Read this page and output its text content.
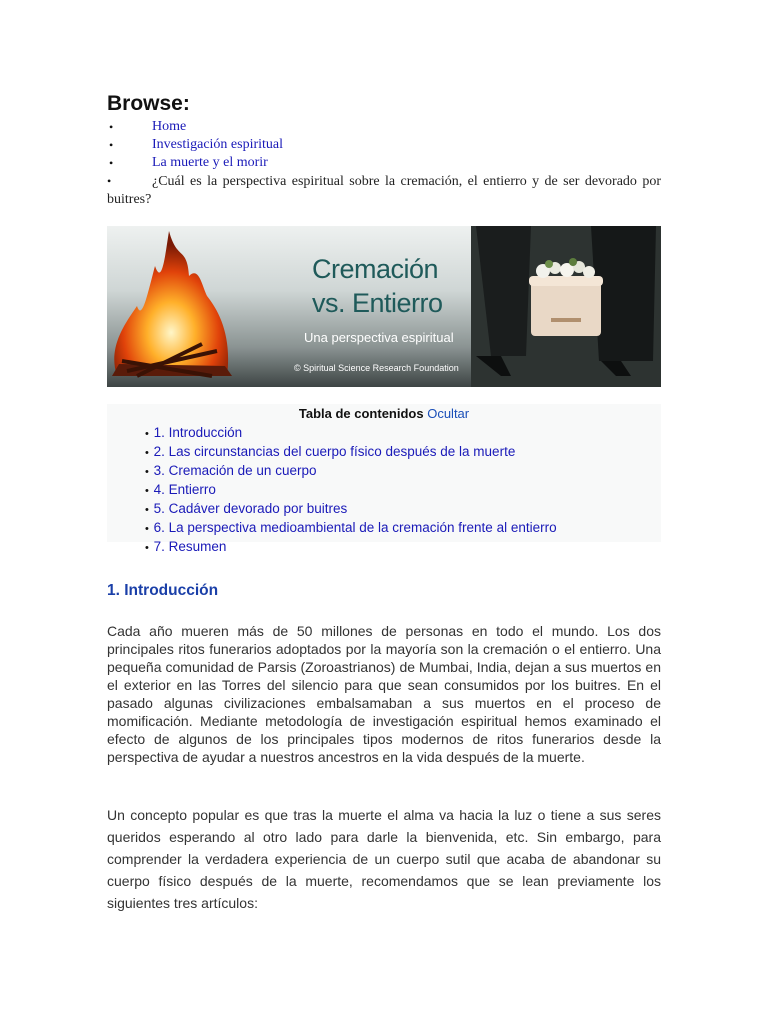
Browse:
•	Home
•	Investigación espiritual
•	La muerte y el morir
•	¿Cuál es la perspectiva espiritual sobre la cremación, el entierro y de ser devorado por buitres?
Cremación
vs. Entierro
Una perspectiva espiritual
© Spiritual Science Research Foundation
Tabla de contenidos Ocultar
• 1. Introducción
• 2. Las circunstancias del cuerpo físico después de la muerte
• 3. Cremación de un cuerpo
• 4. Entierro
• 5. Cadáver devorado por buitres
• 6. La perspectiva medioambiental de la cremación frente al entierro
• 7. Resumen
1. Introducción

Cada año mueren más de 50 millones de personas en todo el mundo. Los dos principales ritos funerarios adoptados por la mayoría son la cremación o el entierro. Una pequeña comunidad de Parsis (Zoroastrianos) de Mumbai, India, dejan a sus muertos en el exterior en las Torres del silencio para que sean consumidos por los buitres. En el pasado algunas civilizaciones embalsamaban a sus muertos en el proceso de momificación. Mediante metodología de investigación espiritual hemos examinado el efecto de algunos de los principales tipos modernos de ritos funerarios desde la perspectiva de ayudar a nuestros ancestros en la vida después de la muerte.

Un concepto popular es que tras la muerte el alma va hacia la luz o tiene a sus seres queridos esperando al otro lado para darle la bienvenida, etc. Sin embargo, para comprender la verdadera experiencia de un cuerpo sutil que acaba de abandonar su cuerpo físico después de la muerte, recomendamos que se lean previamente los siguientes tres artículos:
